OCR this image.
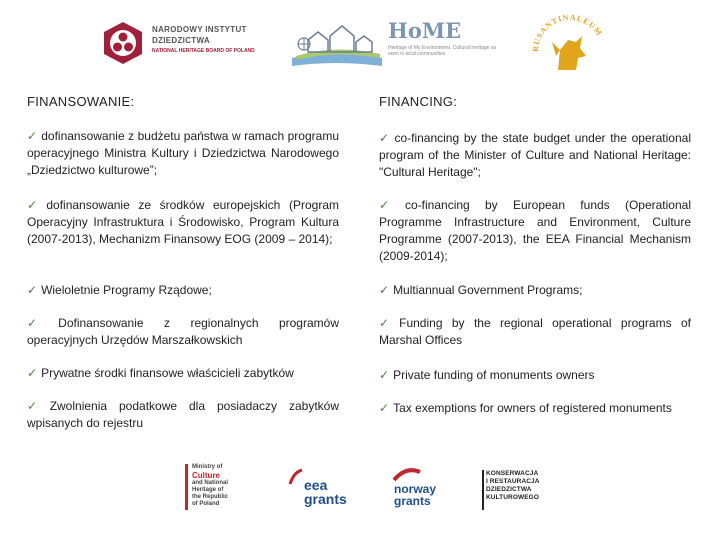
NARODOWY INSTYTUT
DZIEDZICTWA
NATIONAL HERITAGE BOARD OF POLAND
HoME
Heritage of My Environment. Cultural heritage as seen in local communities
RUSANTINALEUM
FINANSOWANIE:	FINANCING:
✓ dofinansowanie z budżetu państwa w ramach programu operacyjnego Ministra Kultury i Dziedzictwa Narodowego „Dziedzictwo kulturowe”;
✓ dofinansowanie ze środków europejskich (Program Operacyjny Infrastruktura i Środowisko, Program Kultura (2007-2013), Mechanizm Finansowy EOG (2009 – 2014);
✓ Wieloletnie Programy Rządowe;
✓ Dofinansowanie z regionalnych programów operacyjnych Urzędów Marszałkowskich
✓ Prywatne środki finansowe właścicieli zabytków
✓ Zwolnienia podatkowe dla posiadaczy zabytków wpisanych do rejestru
✓ co-financing by the state budget under the operational program of the Minister of Culture and National Heritage: "Cultural Heritage";
✓ co-financing by European funds (Operational Programme Infrastructure and Environment, Culture Programme (2007-2013), the EEA Financial Mechanism (2009-2014);
✓ Multiannual Government Programs;
✓ Funding by the regional operational programs of Marshal Offices
✓ Private funding of monuments owners
✓ Tax exemptions for owners of registered monuments
Ministry of
Culture
and National
Heritage of
the Republic
of Poland
eea
grants
norway
grants
KONSERWACJA
I RESTAURACJA
DZIEDZICTWA
KULTUROWEGO
